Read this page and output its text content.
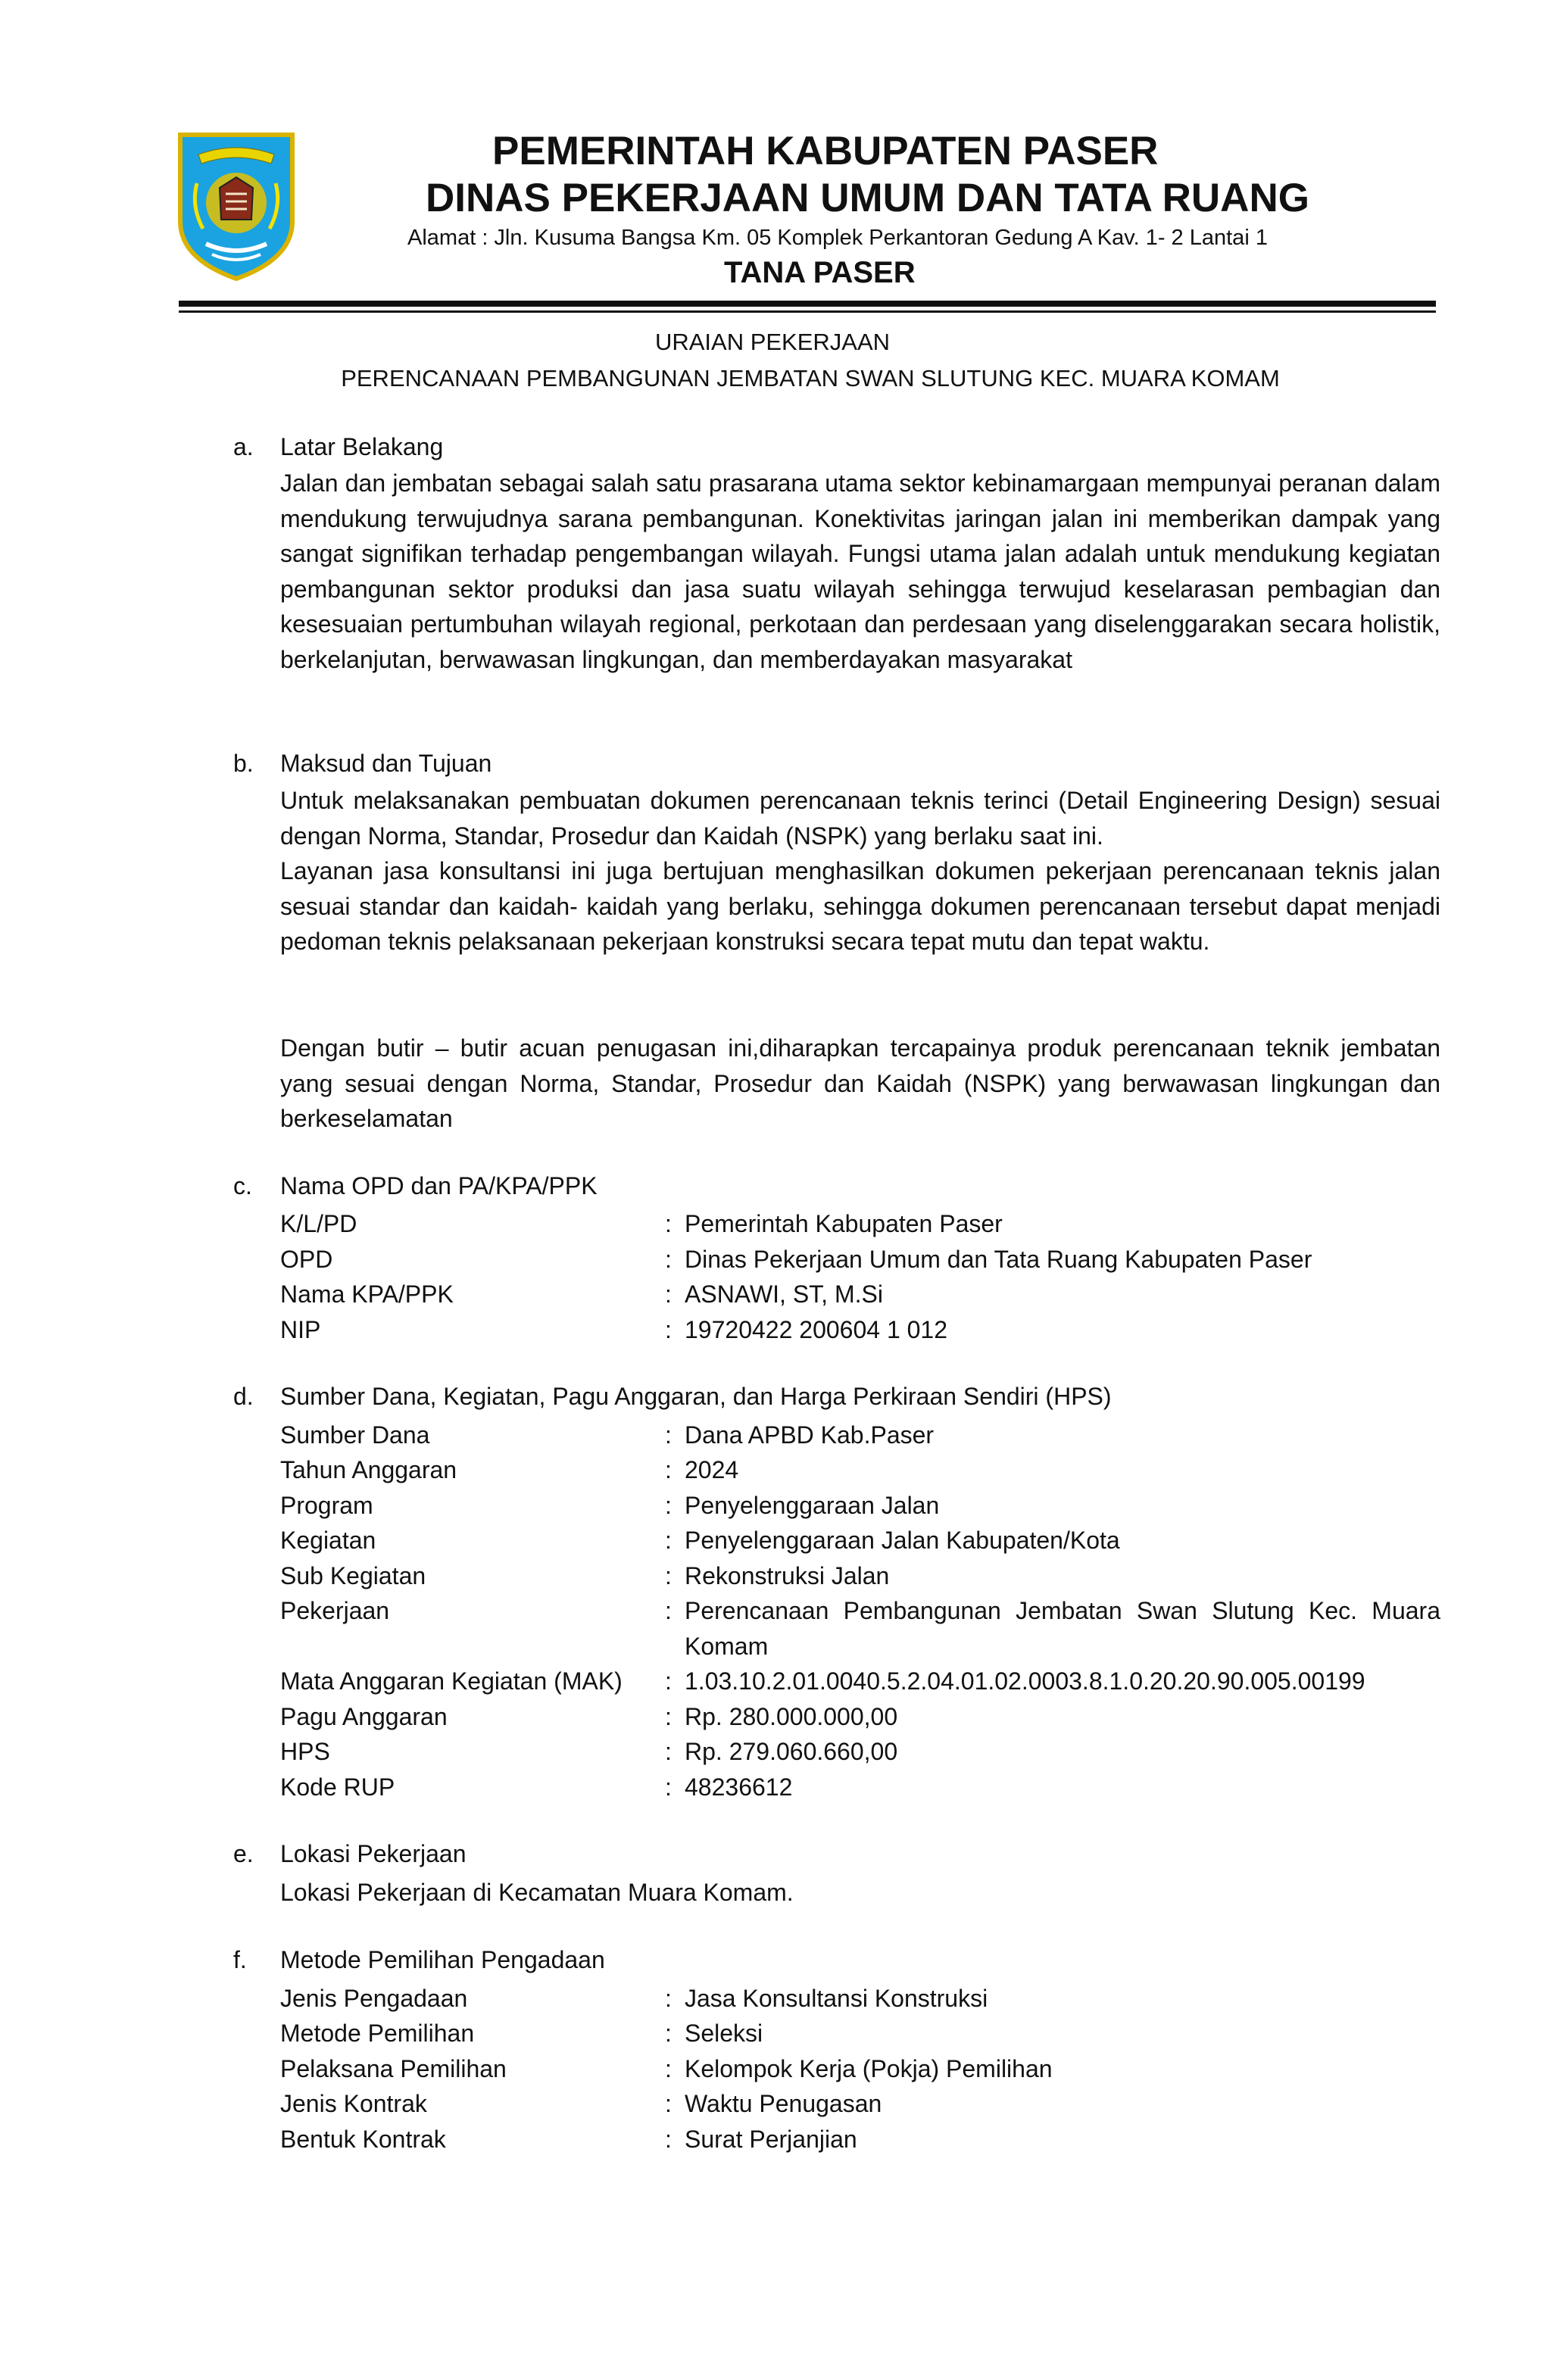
PEMERINTAH KABUPATEN PASER
DINAS PEKERJAAN UMUM DAN TATA RUANG
Alamat : Jln. Kusuma Bangsa Km. 05 Komplek Perkantoran Gedung A Kav. 1- 2 Lantai 1
TANA PASER
URAIAN PEKERJAAN
PERENCANAAN PEMBANGUNAN JEMBATAN SWAN SLUTUNG KEC. MUARA KOMAM
a. Latar Belakang

Jalan dan jembatan sebagai salah satu prasarana utama sektor kebinamargaan mempunyai peranan dalam mendukung terwujudnya sarana pembangunan. Konektivitas jaringan jalan ini memberikan dampak yang sangat signifikan terhadap pengembangan wilayah. Fungsi utama jalan adalah untuk mendukung kegiatan pembangunan sektor produksi dan jasa suatu wilayah sehingga terwujud keselarasan pembagian dan kesesuaian pertumbuhan wilayah regional, perkotaan dan perdesaan yang diselenggarakan secara holistik, berkelanjutan, berwawasan lingkungan, dan memberdayakan masyarakat

b. Maksud dan Tujuan

Untuk melaksanakan pembuatan dokumen perencanaan teknis terinci (Detail Engineering Design) sesuai dengan Norma, Standar, Prosedur dan Kaidah (NSPK) yang berlaku saat ini.

Layanan jasa konsultansi ini juga bertujuan menghasilkan dokumen pekerjaan perencanaan teknis jalan sesuai standar dan kaidah- kaidah yang berlaku, sehingga dokumen perencanaan tersebut dapat menjadi pedoman teknis pelaksanaan pekerjaan konstruksi secara tepat mutu dan tepat waktu.

Dengan butir – butir acuan penugasan ini,diharapkan tercapainya produk perencanaan teknik jembatan yang sesuai dengan Norma, Standar, Prosedur dan Kaidah (NSPK) yang berwawasan lingkungan dan berkeselamatan

c. Nama OPD dan PA/KPA/PPK
K/L/PD	: Pemerintah Kabupaten Paser
OPD	: Dinas Pekerjaan Umum dan Tata Ruang Kabupaten Paser
Nama KPA/PPK	: ASNAWI, ST, M.Si
NIP	: 19720422 200604 1 012
d. Sumber Dana, Kegiatan, Pagu Anggaran, dan Harga Perkiraan Sendiri (HPS)
Sumber Dana	: Dana APBD Kab.Paser
Tahun Anggaran	: 2024
Program	: Penyelenggaraan Jalan
Kegiatan	: Penyelenggaraan Jalan Kabupaten/Kota
Sub Kegiatan	: Rekonstruksi Jalan
Pekerjaan	: Perencanaan Pembangunan Jembatan Swan Slutung Kec. Muara Komam
Mata Anggaran Kegiatan (MAK) : 1.03.10.2.01.0040.5.2.04.01.02.0003.8.1.0.20.20.90.005.00199
Pagu Anggaran	: Rp. 280.000.000,00
HPS	: Rp. 279.060.660,00
Kode RUP	: 48236612
e. Lokasi Pekerjaan

Lokasi Pekerjaan di Kecamatan Muara Komam.

f. Metode Pemilihan Pengadaan
Jenis Pengadaan	: Jasa Konsultansi Konstruksi
Metode Pemilihan	: Seleksi
Pelaksana Pemilihan	: Kelompok Kerja (Pokja) Pemilihan
Jenis Kontrak	: Waktu Penugasan
Bentuk Kontrak	: Surat Perjanjian
